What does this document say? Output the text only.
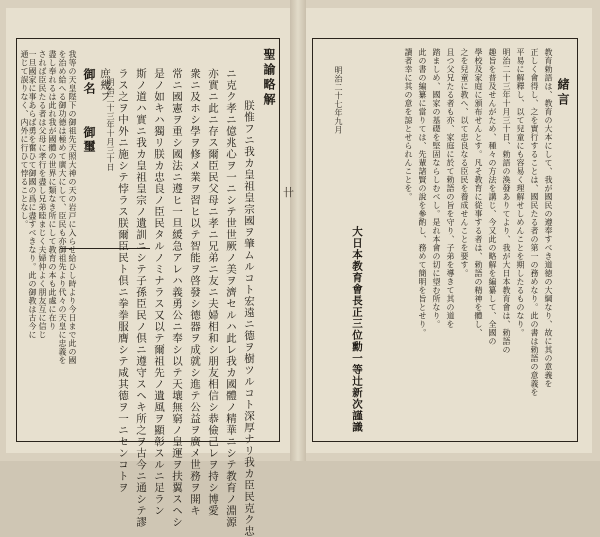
聖諭略解
朕惟フニ我カ皇祖皇宗國ヲ肇ムルコト宏遠ニ德ヲ樹ツルコト深厚ナリ我カ臣民克ク忠
ニ克ク孝ニ億兆心ヲ一ニシテ世世厥ノ美ヲ濟セルハ此レ我カ國體ノ精華ニシテ教育ノ淵源
亦實ニ此ニ存ス爾臣民父母ニ孝ニ兄弟ニ友ニ夫婦相和シ朋友相信シ恭儉己レヲ持シ博愛
衆ニ及ホシ學ヲ修メ業ヲ習ヒ以テ智能ヲ啓發シ德器ヲ成就シ進テ公益ヲ廣メ世務ヲ開キ
常ニ國憲ヲ重シ國法ニ遵ヒ一旦緩急アレハ義勇公ニ奉シ以テ天壤無窮ノ皇運ヲ扶翼スヘシ
是ノ如キハ獨リ朕カ忠良ノ臣民タルノミナラス又以テ爾祖先ノ遺風ヲ顯彰スルニ足ラン
斯ノ道ハ實ニ我カ皇祖皇宗ノ遺訓ニシテ子孫臣民ノ倶ニ遵守スヘキ所之ヲ古今ニ通シテ謬
ラス之ヲ中外ニ施シテ悖ラス朕爾臣民ト倶ニ拳拳服膺シテ咸其德ヲ一ニセンコトヲ
庶幾フ
明治二十三年十月三十日
御名
御璽
我等の天皇陛下の御祖先天照大神の天の岩戸に入らせ給ひし時より今日まで此の國
を治め給へる御功德は極めて廣大にして、臣民も亦御祖先より代々の天皇に忠義を
盡し奉れるは此れ我が國體の世界に類なき所にして教育の本も此處に在り
されば臣民たる者は父母に孝行を盡し兄弟睦まじく夫婦仲よく朋友互に信じ
一旦國家に事あらば勇を奮ひて御國の爲に盡すべきなり。此の御教は古今に
通じて誤りなく、内外に行ひて悖ることなし。	卄
緒言
教育勅語は、教育の大本にして、我が國民の遵奉すべき道徳の大綱なり、故に其の意義を
正しく會得し、之を實行することは、國民たる者の第一の務めなり。此の書は勅語の意義を
平易に解釋し、以て兒童にも容易く理解せしめんことを期したるものなり。
明治二十三年十月三十日、勅語の渙發ありてより、我が大日本教育會は、勅語の
趣旨を普及せんがため、種々の方法を講じ、今又此の略解を編纂して、全國の
學校及家庭に頒布せんとす。凡そ教育に從事する者は、勅語の精神を體し、
之を兒童に教へ、以て忠良なる臣民を養成せんことを要す。
且つ父兄たる者も亦、家庭に於て勅語の旨を守り、子弟を導きて其の道を
踏ましめ、國家の基礎を堅固ならしむべし。是れ本會の切に望む所なり。
此の書の編纂に當りては、先輩諸賢の說を參酌し、務めて簡明を旨とせり。
讀者幸に其の意を諒とせられんことを。
明治二十七年九月
大日本教育會長正三位勳一等辻新次謹識
